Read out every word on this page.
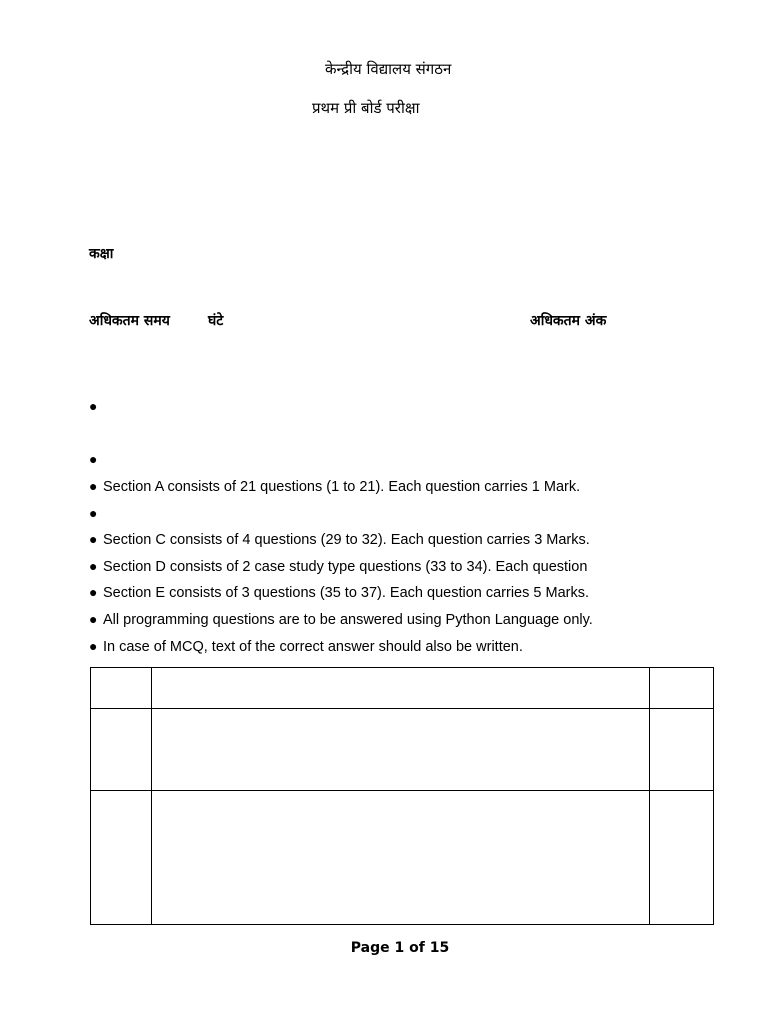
केन्द्रीय विद्यालय संगठन
प्रथम प्री बोर्ड परीक्षा
कक्षा
अधिकतम समय	घंटे	अधिकतम अंक
●
●
● Section A consists of 21 questions (1 to 21). Each question carries 1 Mark.
●
● Section C consists of 4 questions (29 to 32). Each question carries 3 Marks.
● Section D consists of 2 case study type questions (33 to 34). Each question
● Section E consists of 3 questions (35 to 37). Each question carries 5 Marks.
● All programming questions are to be answered using Python Language only.
● In case of MCQ, text of the correct answer should also be written.

Page 1 of 15
